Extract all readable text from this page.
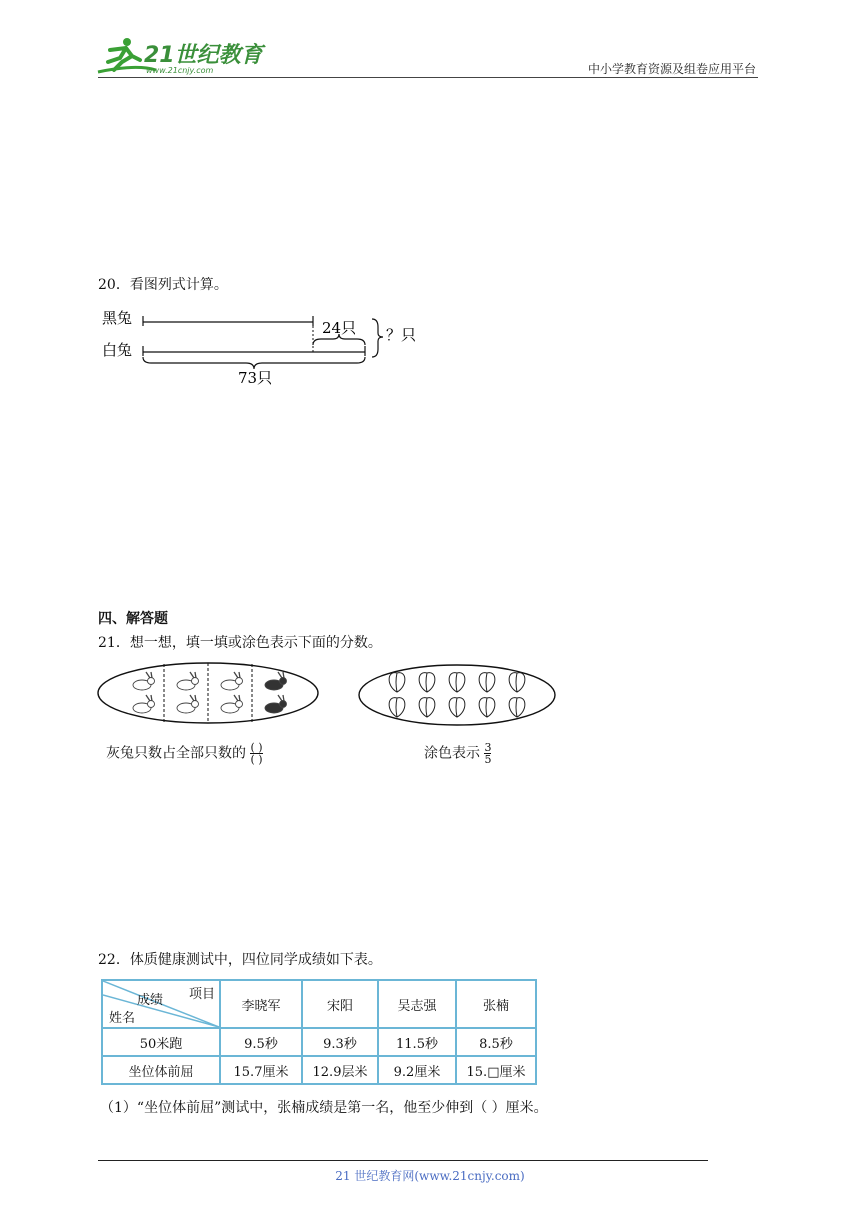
21世纪教育
www.21cnjy.com	中小学教育资源及组卷应用平台
20．看图列式计算。
黑兔
白兔
24只 ？只
73只
四、解答题
21．想一想，填一填或涂色表示下面的分数。
灰兔只数占全部只数的 $\frac{( )}{( )}$	涂色表示 $\frac{3}{5}$
22．体质健康测试中，四位同学成绩如下表。
项目
成绩
姓名	李晓军	宋阳	吴志强	张楠
50米跑	9.5秒	9.3秒	11.5秒	8.5秒
坐位体前屈	15.7厘米	12.9层米	9.2厘米	15.□厘米
（1）“坐位体前屈”测试中，张楠成绩是第一名，他至少伸到（ ）厘米。
21 世纪教育网(www.21cnjy.com)
